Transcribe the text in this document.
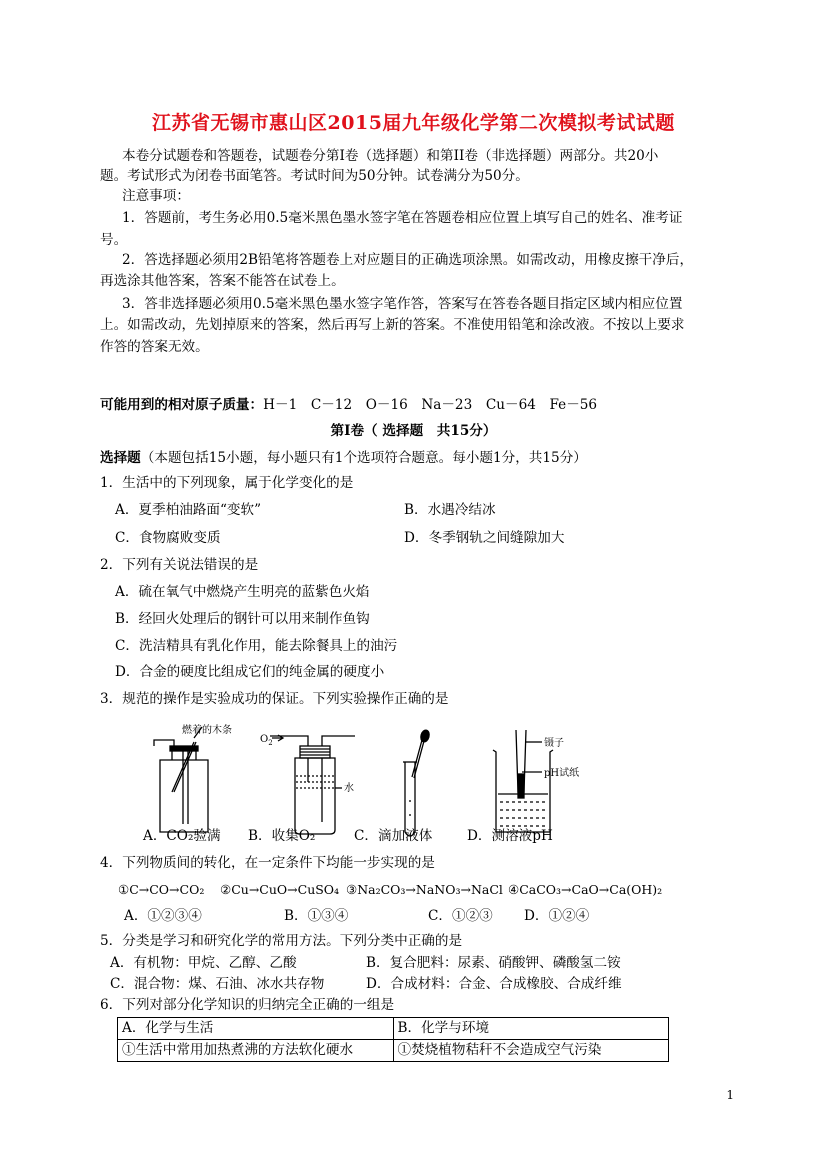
江苏省无锡市惠山区2015届九年级化学第二次模拟考试试题
本卷分试题卷和答题卷，试题卷分第Ⅰ卷（选择题）和第II卷（非选择题）两部分。共20小
题。考试形式为闭卷书面笔答。考试时间为50分钟。试卷满分为50分。
注意事项：
1．答题前，考生务必用0.5毫米黑色墨水签字笔在答题卷相应位置上填写自己的姓名、准考证
号。
2．答选择题必须用2B铅笔将答题卷上对应题目的正确选项涂黑。如需改动，用橡皮擦干净后，
再选涂其他答案，答案不能答在试卷上。
3．答非选择题必须用0.5毫米黑色墨水签字笔作答，答案写在答卷各题目指定区域内相应位置
上。如需改动，先划掉原来的答案，然后再写上新的答案。不准使用铅笔和涂改液。不按以上要求
作答的答案无效。
可能用到的相对原子质量：H－1　C－12　O－16　Na－23　Cu－64　Fe－56
第Ⅰ卷（ 选择题　共15分）
选择题（本题包括15小题，每小题只有1个选项符合题意。每小题1分，共15分）
1．生活中的下列现象，属于化学变化的是
A．夏季柏油路面“变软”	B．水遇冷结冰
C．食物腐败变质	D．冬季钢轨之间缝隙加大
2．下列有关说法错误的是
A．硫在氧气中燃烧产生明亮的蓝紫色火焰
B．经回火处理后的钢针可以用来制作鱼钩
C．洗洁精具有乳化作用，能去除餐具上的油污
D．合金的硬度比组成它们的纯金属的硬度小
3．规范的操作是实验成功的保证。下列实验操作正确的是
燃着的木条
$O_2$
水
镊子
pH试纸
A．CO₂验满 B．收集O₂	C．滴加液体	D．测溶液pH
4．下列物质间的转化，在一定条件下均能一步实现的是
①C→CO→CO₂ ②Cu→CuO→CuSO₄ ③Na₂CO₃→NaNO₃→NaCl ④CaCO₃→CaO→Ca(OH)₂
A．①②③④	B．①③④	C．①②③ D．①②④
5．分类是学习和研究化学的常用方法。下列分类中正确的是
A．有机物：甲烷、乙醇、乙酸	B．复合肥料：尿素、硝酸钾、磷酸氢二铵
C．混合物：煤、石油、冰水共存物	D．合成材料：合金、合成橡胶、合成纤维
6．下列对部分化学知识的归纳完全正确的一组是
A．化学与生活	B．化学与环境
①生活中常用加热煮沸的方法软化硬水	①焚烧植物秸秆不会造成空气污染
1
